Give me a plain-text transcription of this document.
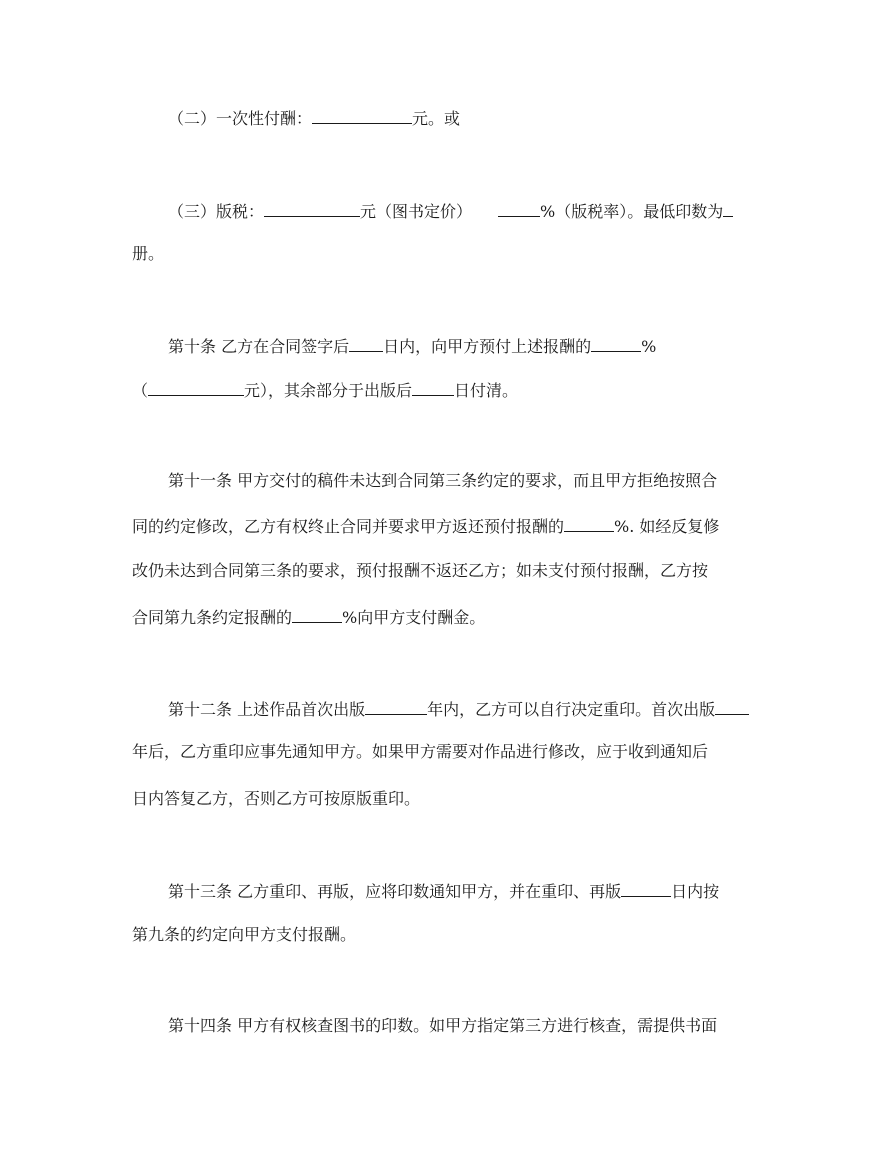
（二）一次性付酬：	元。或
（三）版税：	元（图书定价）	%（版税率）。最低印数为
册。
第十条 乙方在合同签字后 日内，向甲方预付上述报酬的	%
（	元），其余部分于出版后	日付清。
第十一条 甲方交付的稿件未达到合同第三条约定的要求，而且甲方拒绝按照合
同的约定修改，乙方有权终止合同并要求甲方返还预付报酬的	%. 如经反复修
改仍未达到合同第三条的要求，预付报酬不返还乙方；如未支付预付报酬，乙方按
合同第九条约定报酬的	%向甲方支付酬金。
第十二条 上述作品首次出版	年内，乙方可以自行决定重印。首次出版
年后，乙方重印应事先通知甲方。如果甲方需要对作品进行修改，应于收到通知后
日内答复乙方，否则乙方可按原版重印。
第十三条 乙方重印、再版，应将印数通知甲方，并在重印、再版	日内按
第九条的约定向甲方支付报酬。
第十四条 甲方有权核查图书的印数。如甲方指定第三方进行核查，需提供书面
